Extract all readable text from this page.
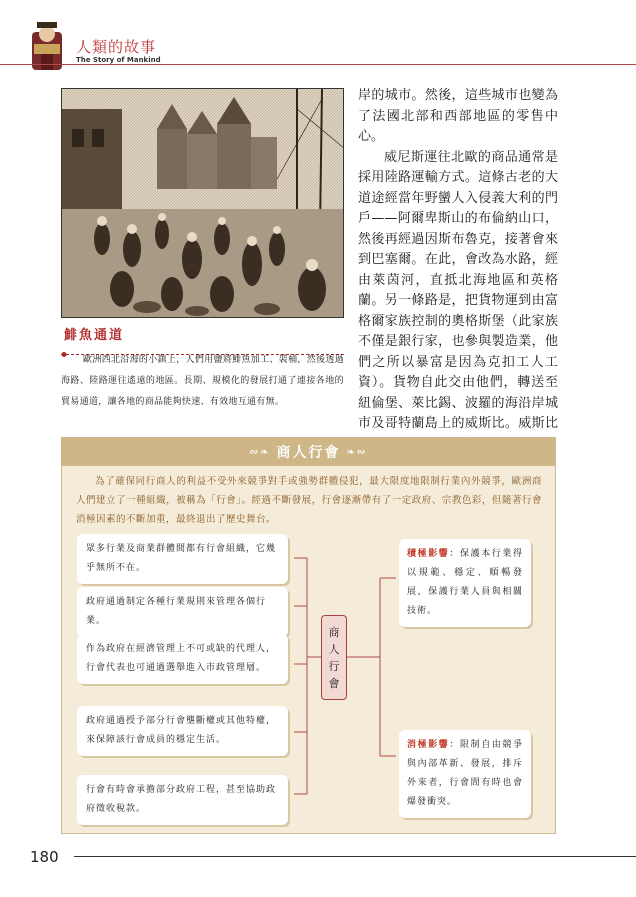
人類的故事
The Story of Mankind
鯡魚通道
歐洲西北沿海的小鎮上，人們用鹽將鯡魚加工、裝桶，然後透過海路、陸路運往遙遠的地區。長期、規模化的發展打通了連接各地的貿易通道，讓各地的商品能夠快速、有效地互通有無。

岸的城市。然後，這些城市也變為了法國北部和西部地區的零售中心。

威尼斯運往北歐的商品通常是採用陸路運輸方式。這條古老的大道途經當年野蠻人入侵義大利的門戶——阿爾卑斯山的布倫納山口，然後再經過因斯布魯克，接著會來到巴塞爾。在此，會改為水路，經由萊茵河，直抵北海地區和英格蘭。另一條路是，把貨物運到由富格爾家族控制的奧格斯堡（此家族不僅是銀行家，也參與製造業，他們之所以暴富是因為克扣工人工資）。貨物自此交由他們，轉送至紐倫堡、萊比錫、波羅的海沿岸城市及哥特蘭島上的威斯比。威斯比

∾❧ 商人行會 ❧∾
為了確保同行商人的利益不受外來競爭對手或強勢群體侵犯，最大限度地限制行業內外競爭，歐洲商人們建立了一種組織，被稱為「行會」。經過不斷發展，行會逐漸帶有了一定政府、宗教色彩，但隨著行會消極因素的不斷加重，最終退出了歷史舞台。
眾多行業及商業群體間都有行會組織，它幾乎無所不在。
政府通過制定各種行業規則來管理各個行業。
作為政府在經濟管理上不可或缺的代理人，行會代表也可通過選舉進入市政管理層。
政府通過授予部分行會壟斷權或其他特權，來保障該行會成員的穩定生活。
行會有時會承擔部分政府工程，甚至協助政府徵收稅款。
商
人
行
會
積極影響：保護本行業得以規範、穩定、順暢發展，保護行業人員與相關技術。
消極影響：限制自由競爭與內部革新、發展，排斥外來者，行會間有時也會爆發衝突。
180
